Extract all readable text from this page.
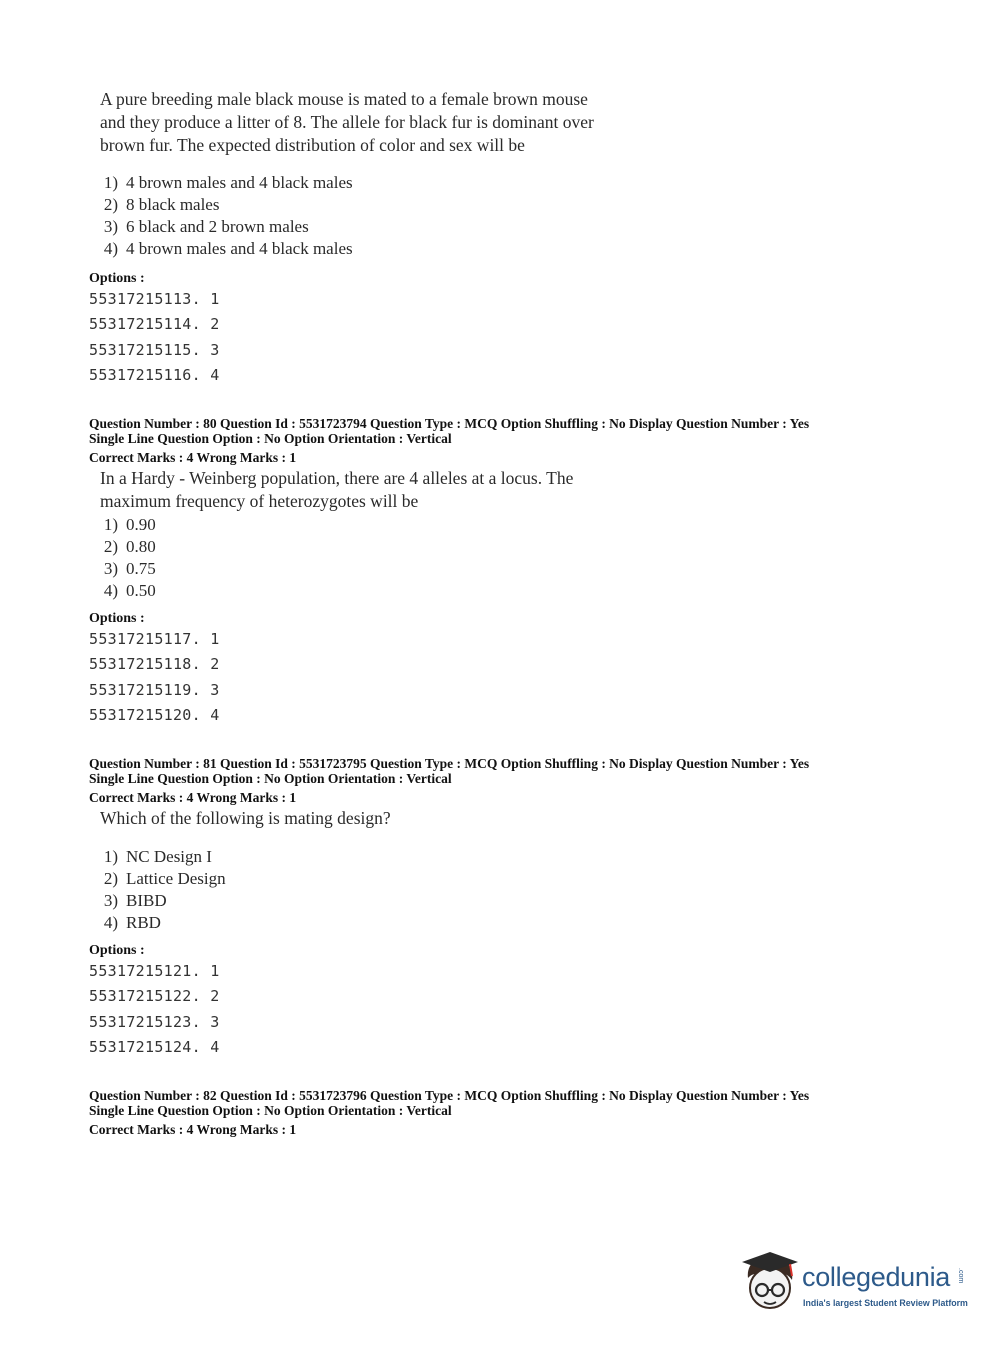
A pure breeding male black mouse is mated to a female brown mouse
and they produce a litter of 8. The allele for black fur is dominant over
brown fur. The expected distribution of color and sex will be
1) 4 brown males and 4 black males
2) 8 black males
3) 6 black and 2 brown males
4) 4 brown males and 4 black males
Options :
55317215113. 1
55317215114. 2
55317215115. 3
55317215116. 4
Question Number : 80 Question Id : 5531723794 Question Type : MCQ Option Shuffling : No Display Question Number : Yes
Single Line Question Option : No Option Orientation : Vertical
Correct Marks : 4 Wrong Marks : 1
In a Hardy - Weinberg population, there are 4 alleles at a locus. The
maximum frequency of heterozygotes will be
1) 0.90
2) 0.80
3) 0.75
4) 0.50
Options :
55317215117. 1
55317215118. 2
55317215119. 3
55317215120. 4
Question Number : 81 Question Id : 5531723795 Question Type : MCQ Option Shuffling : No Display Question Number : Yes
Single Line Question Option : No Option Orientation : Vertical
Correct Marks : 4 Wrong Marks : 1
Which of the following is mating design?
1) NC Design I
2) Lattice Design
3) BIBD
4) RBD
Options :
55317215121. 1
55317215122. 2
55317215123. 3
55317215124. 4
Question Number : 82 Question Id : 5531723796 Question Type : MCQ Option Shuffling : No Display Question Number : Yes
Single Line Question Option : No Option Orientation : Vertical
Correct Marks : 4 Wrong Marks : 1
collegedunia .com
India's largest Student Review Platform
